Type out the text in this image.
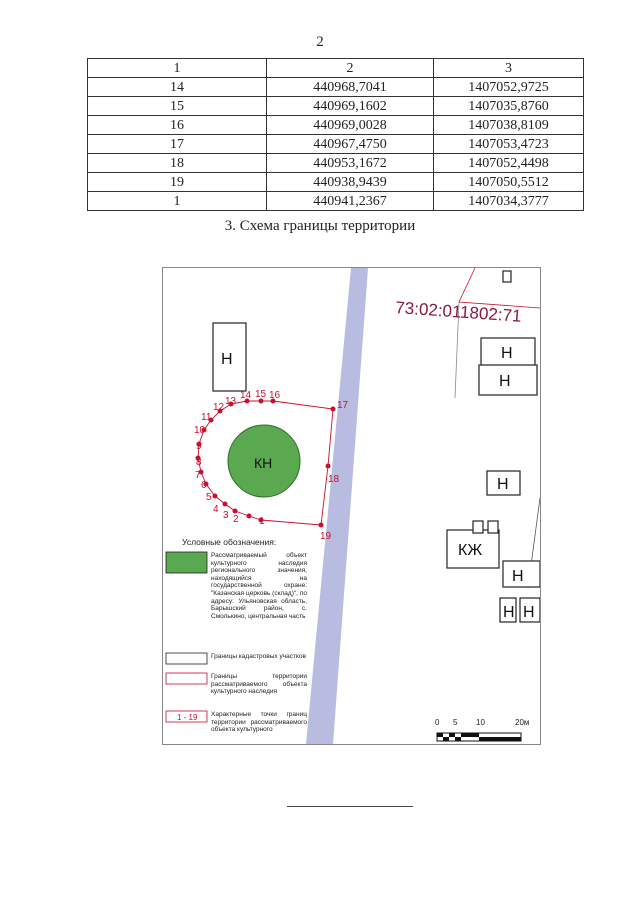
2
1	2	3
14	440968,7041	1407052,9725
15	440969,1602	1407035,8760
16	440969,0028	1407038,8109
17	440967,4750	1407053,4723
18	440953,1672	1407052,4498
19	440938,9439	1407050,5512
1	440941,2367	1407034,3777
3. Схема границы территории
Н	Н
Н
Н
КЖ
Н
Н Н
73:02:011802:71
КН
1
2
3
4
5
6
7
8
9
10
11
12
13
14 15 16
17
18
19
Условные обозначения:
1 - 19
0 5 10	20м
Рассматриваемый объект культурного наследия регионального значения, находящийся на государственной охране: "Казанская церковь (склад)", по адресу: Ульяновская область, Барышский район, с. Смолькино, центральная часть
Границы кадастровых участков
Границы территории рассматриваемого объекта культурного наследия
Характерные точки границ территории рассматриваемого объекта культурного
